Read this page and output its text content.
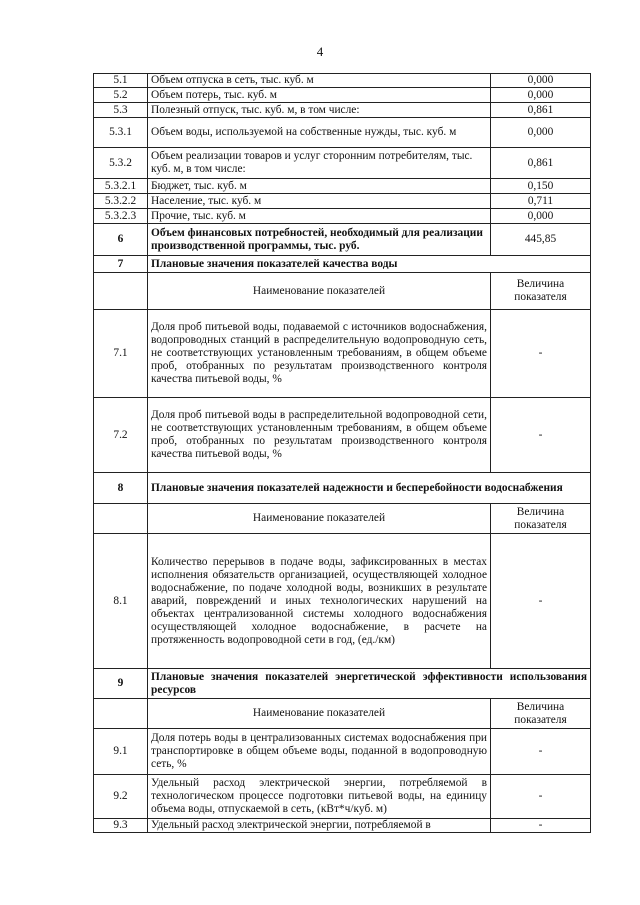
4
5.1	Объем отпуска в сеть, тыс. куб. м	0,000
5.2	Объем потерь, тыс. куб. м	0,000
5.3	Полезный отпуск, тыс. куб. м, в том числе:	0,861
5.3.1	Объем воды, используемой на собственные нужды, тыс. куб. м	0,000
5.3.2	Объем реализации товаров и услуг сторонним потребителям, тыс. куб. м, в том числе:	0,861
5.3.2.1	Бюджет, тыс. куб. м	0,150
5.3.2.2	Население, тыс. куб. м	0,711
5.3.2.3	Прочие, тыс. куб. м	0,000
6	Объем финансовых потребностей, необходимый для реализации производственной программы, тыс. руб.	445,85
7	Плановые значения показателей качества воды	
	Наименование показателей	Величина показателя
7.1	Доля проб питьевой воды, подаваемой с источников водоснабжения, водопроводных станций в распределительную водопроводную сеть, не соответствующих установленным требованиям, в общем объеме проб, отобранных по результатам производственного контроля качества питьевой воды, %	-
7.2	Доля проб питьевой воды в распределительной водопроводной сети, не соответствующих установленным требованиям, в общем объеме проб, отобранных по результатам производственного контроля качества питьевой воды, %	-
8	Плановые значения показателей надежности и бесперебойности водоснабжения	
	Наименование показателей	Величина показателя
8.1	Количество перерывов в подаче воды, зафиксированных в местах исполнения обязательств организацией, осуществляющей холодное водоснабжение, по подаче холодной воды, возникших в результате аварий, повреждений и иных технологических нарушений на объектах централизованной системы холодного водоснабжения осуществляющей холодное водоснабжение, в расчете на протяженность водопроводной сети в год, (ед./км)	-
9	Плановые значения показателей энергетической эффективности использования ресурсов	
	Наименование показателей	Величина показателя
9.1	Доля потерь воды в централизованных системах водоснабжения при транспортировке в общем объеме воды, поданной в водопроводную сеть, %	-
9.2	Удельный расход электрической энергии, потребляемой в технологическом процессе подготовки питьевой воды, на единицу объема воды, отпускаемой в сеть, (кВт*ч/куб. м)	-
9.3	Удельный расход электрической энергии, потребляемой в	-
